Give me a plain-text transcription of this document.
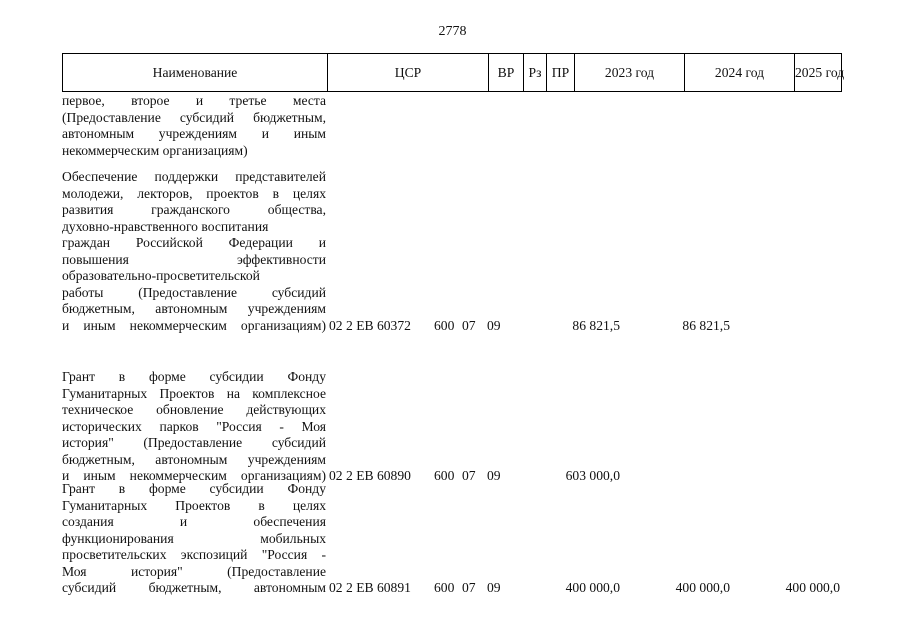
2778
Наименование	ЦСР	ВР	Рз ПР	2023 год	2024 год	2025 год
первое, второе и третье места
(Предоставление субсидий бюджетным,
автономным учреждениям и иным
некоммерческим организациям)
Обеспечение поддержки представителей
молодежи, лекторов, проектов в целях
развития гражданского общества,
духовно-нравственного воспитания
граждан Российской Федерации и
повышения эффективности
образовательно-просветительской
работы (Предоставление субсидий
бюджетным, автономным учреждениям
и иным некоммерческим организациям) 02 2 ЕВ 60372 600 07 09	86 821,5	86 821,5
Грант в форме субсидии Фонду
Гуманитарных Проектов на комплексное
техническое обновление действующих
исторических парков "Россия - Моя
история" (Предоставление субсидий
бюджетным, автономным учреждениям
и иным некоммерческим организациям) 02 2 ЕВ 60890 600 07 09	603 000,0
Грант в форме субсидии Фонду
Гуманитарных Проектов в целях
создания и обеспечения
функционирования мобильных
просветительских экспозиций "Россия -
Моя история" (Предоставление
субсидий бюджетным, автономным 02 2 ЕВ 60891 600 07 09	400 000,0	400 000,0	400 000,0
